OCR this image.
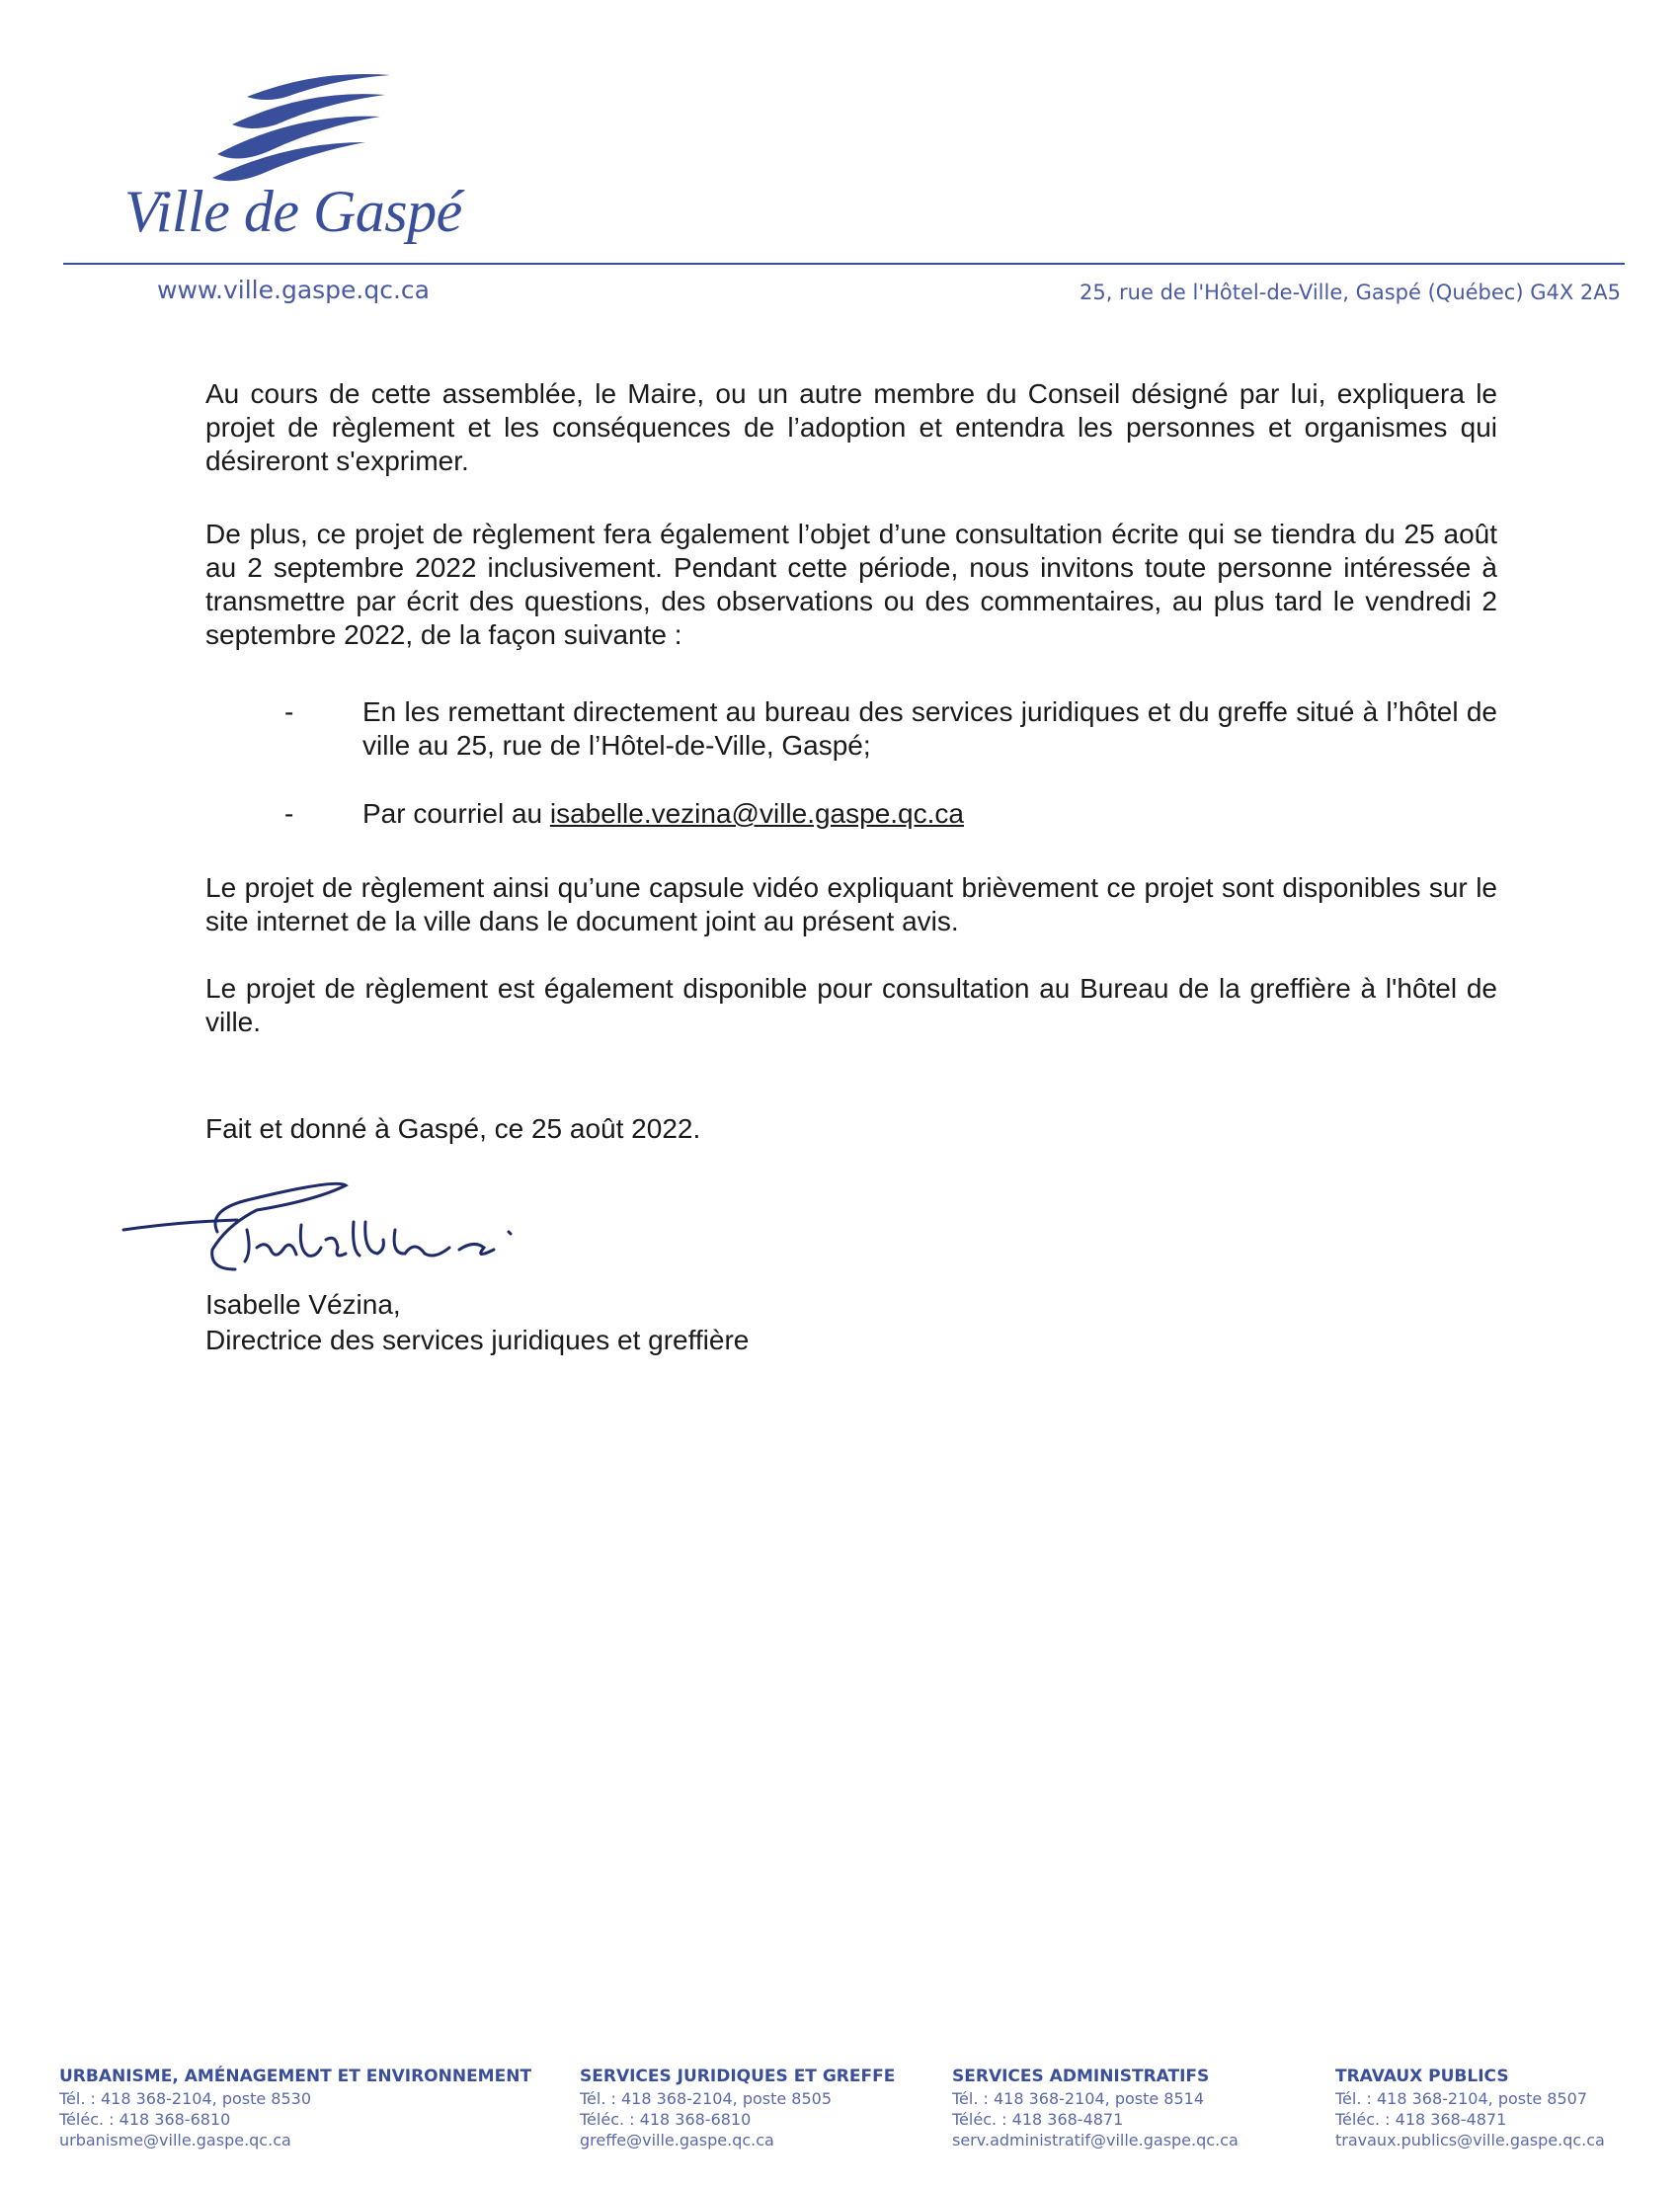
Ville de Gaspé
www.ville.gaspe.qc.ca	25, rue de l'Hôtel-de-Ville, Gaspé (Québec) G4X 2A5

Au cours de cette assemblée, le Maire, ou un autre membre du Conseil désigné par lui, expliquera le projet de règlement et les conséquences de l’adoption et entendra les personnes et organismes qui désireront s'exprimer.

De plus, ce projet de règlement fera également l’objet d’une consultation écrite qui se tiendra du 25 août au 2 septembre 2022 inclusivement. Pendant cette période, nous invitons toute personne intéressée à transmettre par écrit des questions, des observations ou des commentaires, au plus tard le vendredi 2 septembre 2022, de la façon suivante :

- En les remettant directement au bureau des services juridiques et du greffe situé à l’hôtel de ville au 25, rue de l’Hôtel-de-Ville, Gaspé;

- Par courriel au isabelle.vezina@ville.gaspe.qc.ca

Le projet de règlement ainsi qu’une capsule vidéo expliquant brièvement ce projet sont disponibles sur le site internet de la ville dans le document joint au présent avis.

Le projet de règlement est également disponible pour consultation au Bureau de la greffière à l'hôtel de ville.

Fait et donné à Gaspé, ce 25 août 2022.
Isabelle Vézina,
Directrice des services juridiques et greffière
URBANISME, AMÉNAGEMENT ET ENVIRONNEMENT
Tél. : 418 368-2104, poste 8530
Téléc. : 418 368-6810
urbanisme@ville.gaspe.qc.ca
SERVICES JURIDIQUES ET GREFFE
Tél. : 418 368-2104, poste 8505
Téléc. : 418 368-6810
greffe@ville.gaspe.qc.ca
SERVICES ADMINISTRATIFS
Tél. : 418 368-2104, poste 8514
Téléc. : 418 368-4871
serv.administratif@ville.gaspe.qc.ca
TRAVAUX PUBLICS
Tél. : 418 368-2104, poste 8507
Téléc. : 418 368-4871
travaux.publics@ville.gaspe.qc.ca
